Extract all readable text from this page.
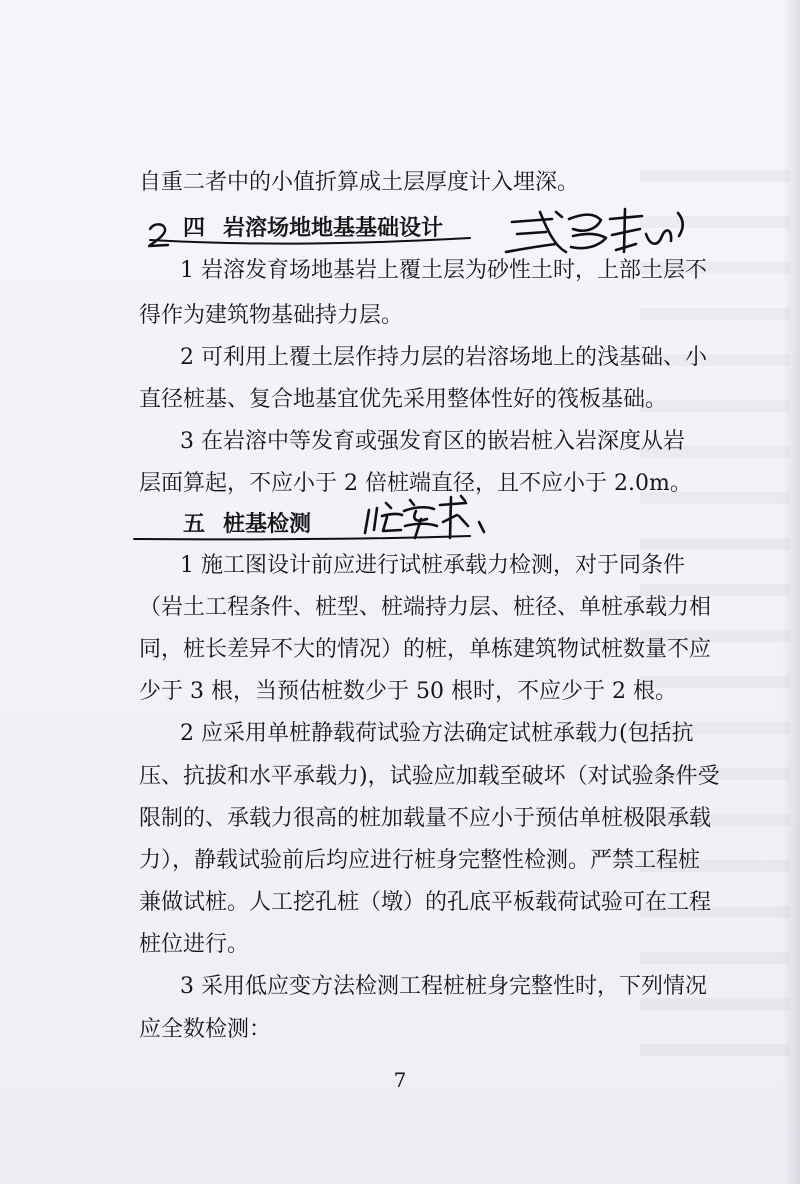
自重二者中的小值折算成土层厚度计入埋深。
四 岩溶场地地基基础设计
1 岩溶发育场地基岩上覆土层为砂性土时，上部土层不
得作为建筑物基础持力层。
2 可利用上覆土层作持力层的岩溶场地上的浅基础、小
直径桩基、复合地基宜优先采用整体性好的筏板基础。
3 在岩溶中等发育或强发育区的嵌岩桩入岩深度从岩
层面算起，不应小于 2 倍桩端直径，且不应小于 2.0m。
五 桩基检测
1 施工图设计前应进行试桩承载力检测，对于同条件
（岩土工程条件、桩型、桩端持力层、桩径、单桩承载力相
同，桩长差异不大的情况）的桩，单栋建筑物试桩数量不应
少于 3 根，当预估桩数少于 50 根时，不应少于 2 根。
2 应采用单桩静载荷试验方法确定试桩承载力(包括抗
压、抗拔和水平承载力)，试验应加载至破坏（对试验条件受
限制的、承载力很高的桩加载量不应小于预估单桩极限承载
力），静载试验前后均应进行桩身完整性检测。严禁工程桩
兼做试桩。人工挖孔桩（墩）的孔底平板载荷试验可在工程
桩位进行。
3 采用低应变方法检测工程桩桩身完整性时，下列情况
应全数检测：
7
